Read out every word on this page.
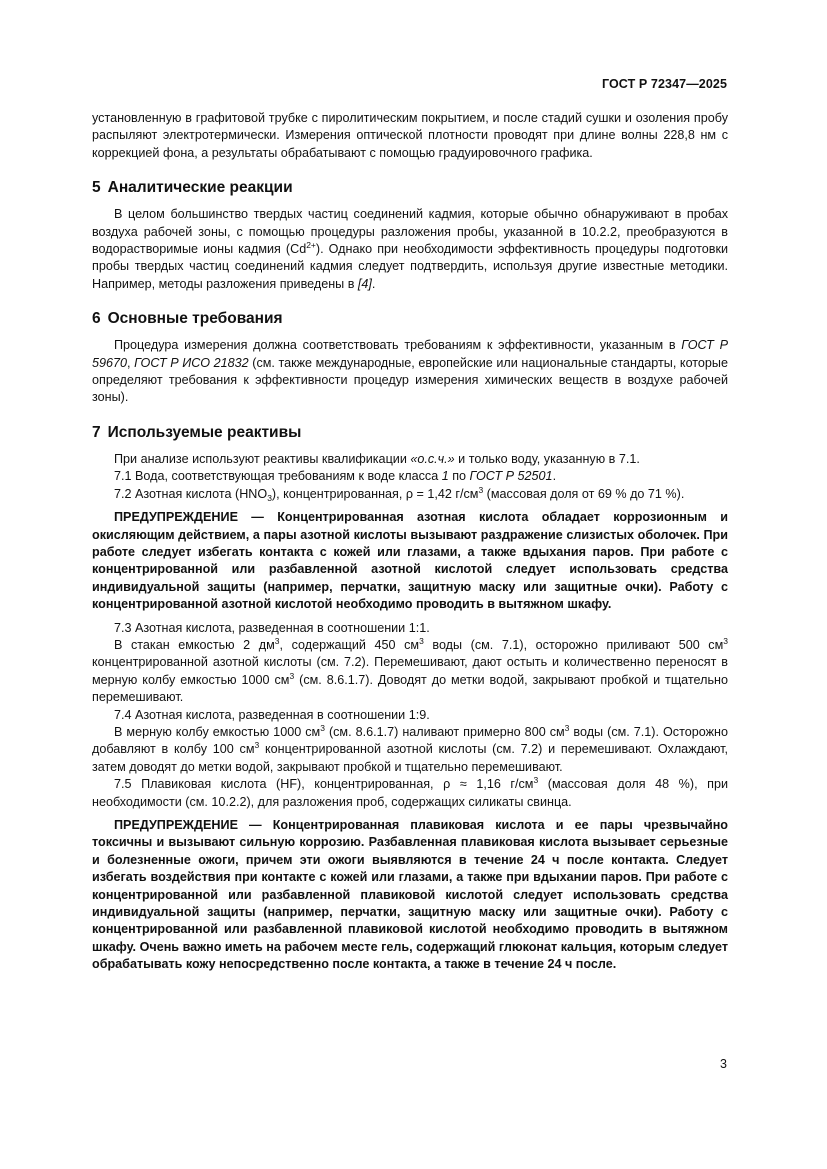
ГОСТ Р 72347—2025

установленную в графитовой трубке с пиролитическим покрытием, и после стадий сушки и озоления пробу распыляют электротермически. Измерения оптической плотности проводят при длине волны 228,8 нм с коррекцией фона, а результаты обрабатывают с помощью градуировочного графика.

5 Аналитические реакции

В целом большинство твердых частиц соединений кадмия, которые обычно обнаруживают в пробах воздуха рабочей зоны, с помощью процедуры разложения пробы, указанной в 10.2.2, преобразуются в водорастворимые ионы кадмия $(Cd^{2+})$. Однако при необходимости эффективность процедуры подготовки пробы твердых частиц соединений кадмия следует подтвердить, используя другие известные методики. Например, методы разложения приведены в [4].

6 Основные требования

Процедура измерения должна соответствовать требованиям к эффективности, указанным в ГОСТ Р 59670, ГОСТ Р ИСО 21832 (см. также международные, европейские или национальные стандарты, которые определяют требования к эффективности процедур измерения химических веществ в воздухе рабочей зоны).

7 Используемые реактивы

При анализе используют реактивы квалификации «о.с.ч.» и только воду, указанную в 7.1.

7.1 Вода, соответствующая требованиям к воде класса 1 по ГОСТ Р 52501.

7.2 Азотная кислота $(HNO_3)$, концентрированная, ρ = 1,42 $г/см^3$ (массовая доля от 69 % до 71 %).

ПРЕДУПРЕЖДЕНИЕ — Концентрированная азотная кислота обладает коррозионным и окисляющим действием, а пары азотной кислоты вызывают раздражение слизистых оболочек. При работе следует избегать контакта с кожей или глазами, а также вдыхания паров. При работе с концентрированной или разбавленной азотной кислотой следует использовать средства индивидуальной защиты (например, перчатки, защитную маску или защитные очки). Работу с концентрированной азотной кислотой необходимо проводить в вытяжном шкафу.

7.3 Азотная кислота, разведенная в соотношении 1:1.

В стакан емкостью 2 $дм^3$, содержащий 450 $см^3$ воды (см. 7.1), осторожно приливают 500 $см^3$ концентрированной азотной кислоты (см. 7.2). Перемешивают, дают остыть и количественно переносят в мерную колбу емкостью 1000 $см^3$ (см. 8.6.1.7). Доводят до метки водой, закрывают пробкой и тщательно перемешивают.

7.4 Азотная кислота, разведенная в соотношении 1:9.

В мерную колбу емкостью 1000 $см^3$ (см. 8.6.1.7) наливают примерно 800 $см^3$ воды (см. 7.1). Осторожно добавляют в колбу 100 $см^3$ концентрированной азотной кислоты (см. 7.2) и перемешивают. Охлаждают, затем доводят до метки водой, закрывают пробкой и тщательно перемешивают.

7.5 Плавиковая кислота (HF), концентрированная, ρ ≈ 1,16 $г/см^3$ (массовая доля 48 %), при необходимости (см. 10.2.2), для разложения проб, содержащих силикаты свинца.

ПРЕДУПРЕЖДЕНИЕ — Концентрированная плавиковая кислота и ее пары чрезвычайно токсичны и вызывают сильную коррозию. Разбавленная плавиковая кислота вызывает серьезные и болезненные ожоги, причем эти ожоги выявляются в течение 24 ч после контакта. Следует избегать воздействия при контакте с кожей или глазами, а также при вдыхании паров. При работе с концентрированной или разбавленной плавиковой кислотой следует использовать средства индивидуальной защиты (например, перчатки, защитную маску или защитные очки). Работу с концентрированной или разбавленной плавиковой кислотой необходимо проводить в вытяжном шкафу. Очень важно иметь на рабочем месте гель, содержащий глюконат кальция, которым следует обрабатывать кожу непосредственно после контакта, а также в течение 24 ч после.

3
